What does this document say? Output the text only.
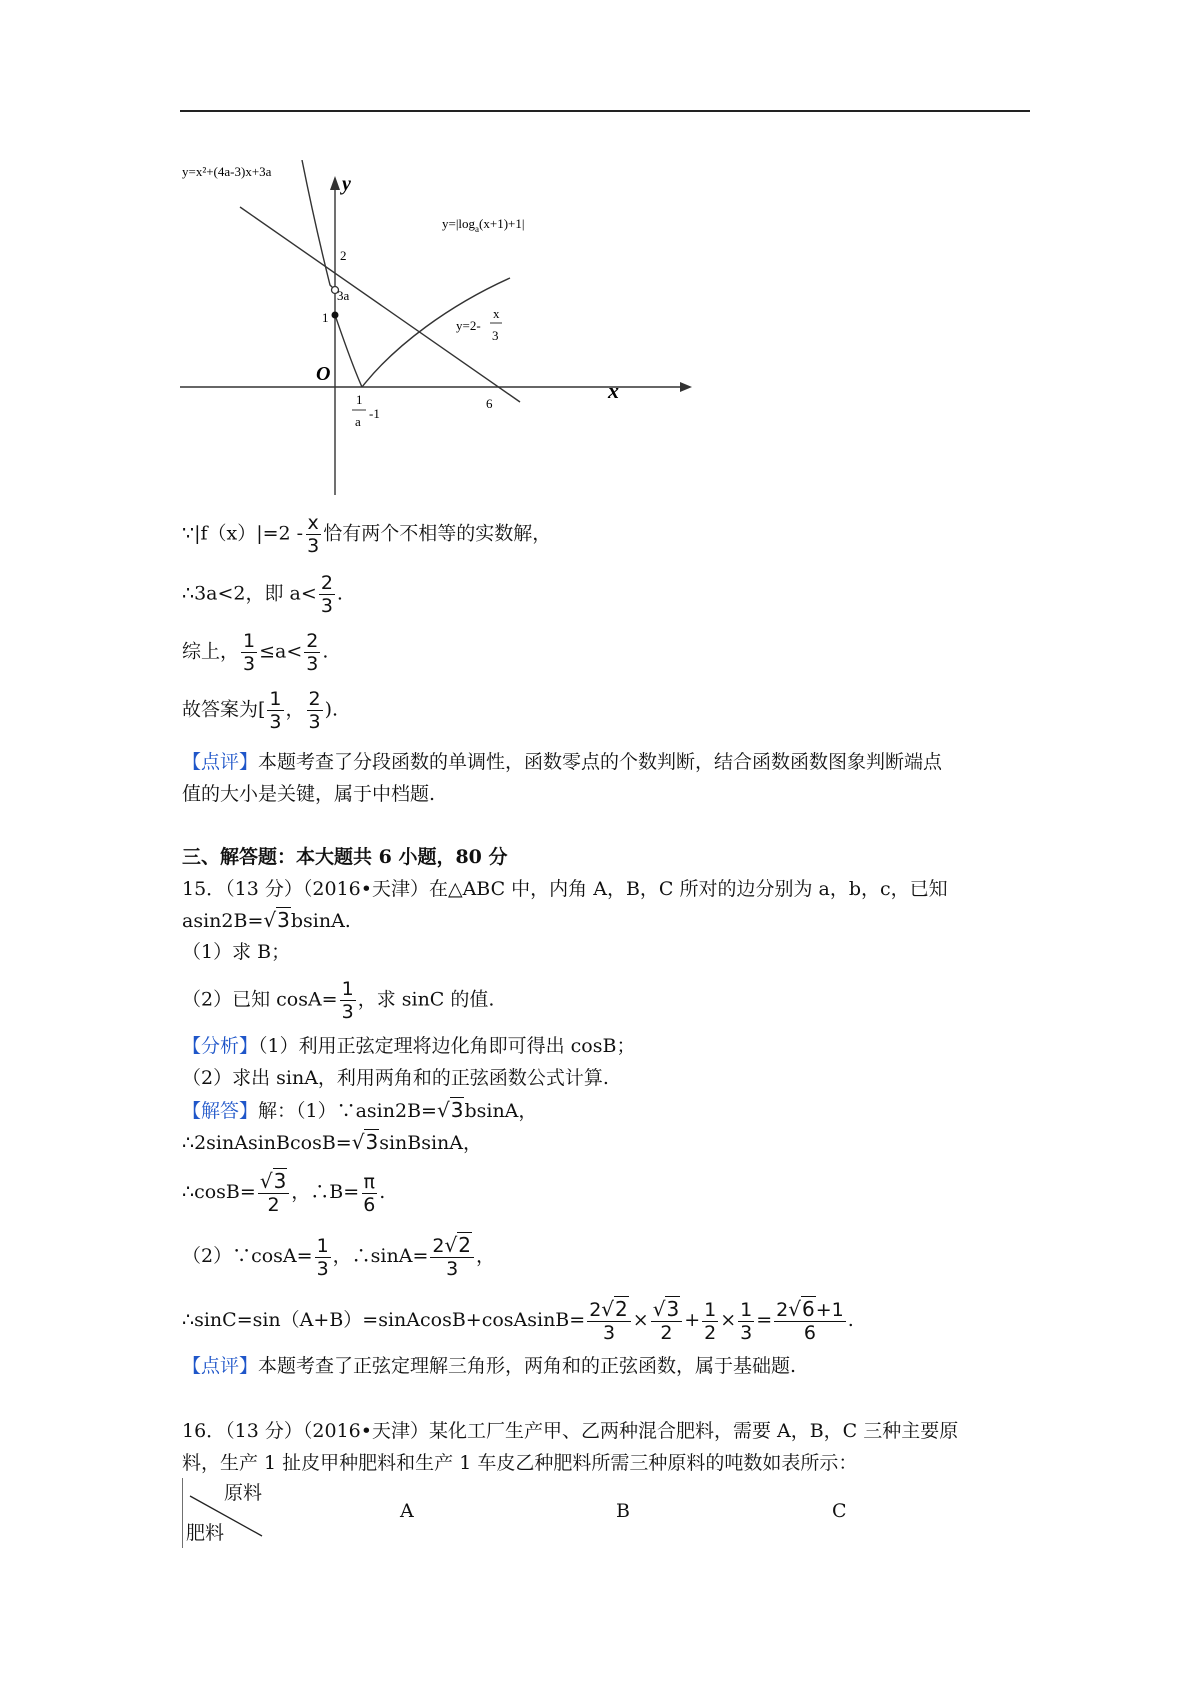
y=x²+(4a-3)x+3a
y
x
O
2
3a
1
6
1
a
-1
$y=|\log_a(x+1)+1|$
y=2-
x
3
∵|f（x）|=2 - $\frac{x}{3}$ 恰有两个不相等的实数解，
∴3a<2，即 $a< \frac{2}{3}$ .
综上， $\frac{1}{3} \le a< \frac{2}{3}$ .
故答案为[ $\frac{1}{3}$ ， $\frac{2}{3}$ ).
【点评】本题考查了分段函数的单调性，函数零点的个数判断，结合函数函数图象判断端点
值的大小是关键，属于中档题.
三、解答题：本大题共 6 小题，80 分
15．（13 分）（2016•天津）在△ABC 中，内角 A，B，C 所对的边分别为 a，b，c，已知
asin2B=√3bsinA.
（1）求 B；
（2）已知 $\cos A= \frac{1}{3}$ ，求 sinC 的值.
【分析】（1）利用正弦定理将边化角即可得出 cosB；
（2）求出 sinA，利用两角和的正弦函数公式计算.
【解答】解：（1）∵asin2B=√3bsinA，
∴2sinAsinBcosB=√3sinBsinA，
∴cosB= $\frac{√3}{2}$ ，∴B= $\frac{\pi}{6}$ .
（2）∵cosA= $\frac{1}{3}$ ，∴sinA= $\frac{2√2}{3}$ ，
∴sinC=sin（A+B）=sinAcosB+cosAsinB= $\frac{2√2}{3} \times \frac{√3}{2} + \frac{1}{2} \times \frac{1}{3} = \frac{2√6+1}{6}$ .
【点评】本题考查了正弦定理解三角形，两角和的正弦函数，属于基础题.
16．（13 分）（2016•天津）某化工厂生产甲、乙两种混合肥料，需要 A，B，C 三种主要原
料，生产 1 扯皮甲种肥料和生产 1 车皮乙种肥料所需三种原料的吨数如表所示：
原料
肥料
A	B	C
